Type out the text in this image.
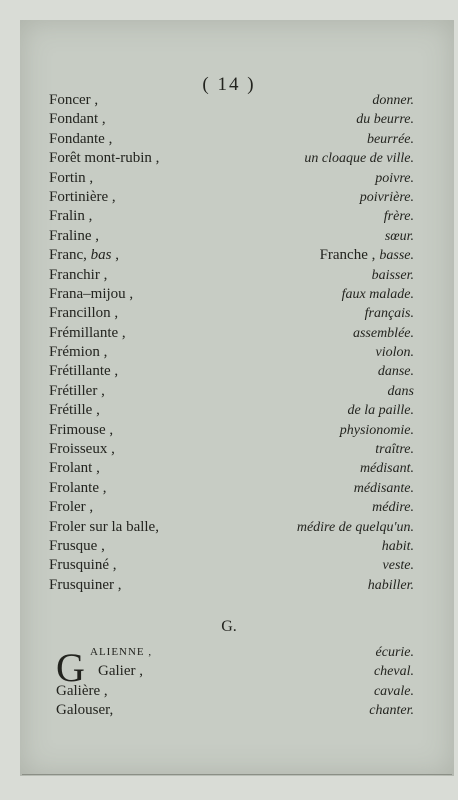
( 14 )
Foncer ,	donner.
Fondant ,	du beurre.
Fondante ,	beurrée.
Forêt mont-rubin ,	un cloaque de ville.
Fortin ,	poivre.
Fortinière ,	poivrière.
Fralin ,	frère.
Fraline ,	sœur.
Franc, bas ,	Franche , basse.
Franchir ,	baisser.
Frana–mijou ,	faux malade.
Francillon ,	français.
Frémillante ,	assemblée.
Frémion ,	violon.
Frétillante ,	danse.
Frétiller ,	dans
Frétille ,	de la paille.
Frimouse ,	physionomie.
Froisseux ,	traître.
Frolant ,	médisant.
Frolante ,	médisante.
Froler ,	médire.
Froler sur la balle,	médire de quelqu'un.
Frusque ,	habit.
Frusquiné ,	veste.
Frusquiner ,	habiller.
G.
G ALIENNE ,	écurie.
Galier ,	cheval.
Galière ,	cavale.
Galouser,	chanter.
